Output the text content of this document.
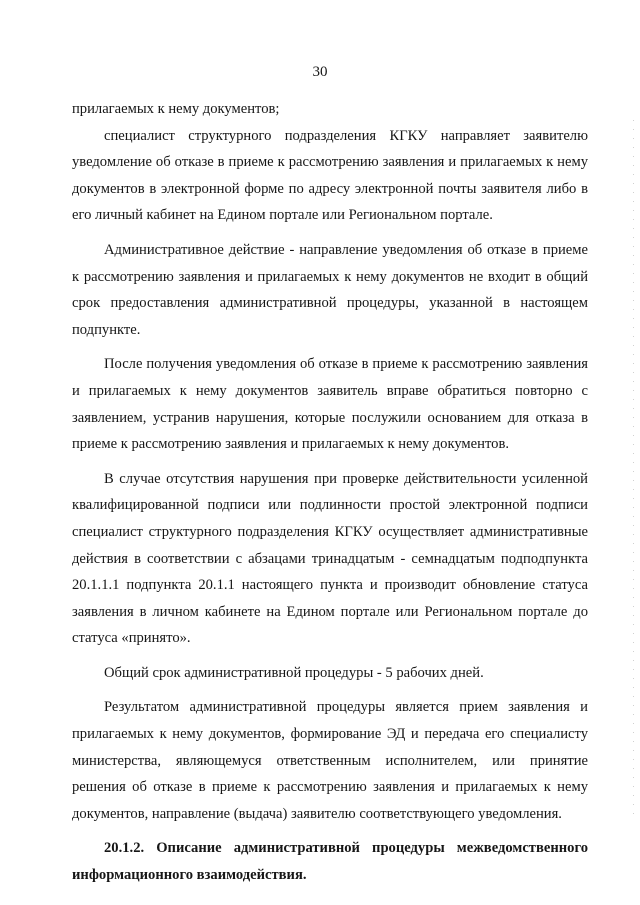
30

прилагаемых к нему документов;

специалист структурного подразделения КГКУ направляет заявителю уведомление об отказе в приеме к рассмотрению заявления и прилагаемых к нему документов в электронной форме по адресу электронной почты заявителя либо в его личный кабинет на Едином портале или Региональном портале.

Административное действие - направление уведомления об отказе в приеме к рассмотрению заявления и прилагаемых к нему документов не входит в общий срок предоставления административной процедуры, указанной в настоящем подпункте.

После получения уведомления об отказе в приеме к рассмотрению заявления и прилагаемых к нему документов заявитель вправе обратиться повторно с заявлением, устранив нарушения, которые послужили основанием для отказа в приеме к рассмотрению заявления и прилагаемых к нему документов.

В случае отсутствия нарушения при проверке действительности усиленной квалифицированной подписи или подлинности простой электронной подписи специалист структурного подразделения КГКУ осуществляет административные действия в соответствии с абзацами тринадцатым - семнадцатым подподпункта 20.1.1.1 подпункта 20.1.1 настоящего пункта и производит обновление статуса заявления в личном кабинете на Едином портале или Региональном портале до статуса «принято».

Общий срок административной процедуры - 5 рабочих дней.

Результатом административной процедуры является прием заявления и прилагаемых к нему документов, формирование ЭД и передача его специалисту министерства, являющемуся ответственным исполнителем, или принятие решения об отказе в приеме к рассмотрению заявления и прилагаемых к нему документов, направление (выдача) заявителю соответствующего уведомления.

20.1.2. Описание административной процедуры межведомственного информационного взаимодействия.
